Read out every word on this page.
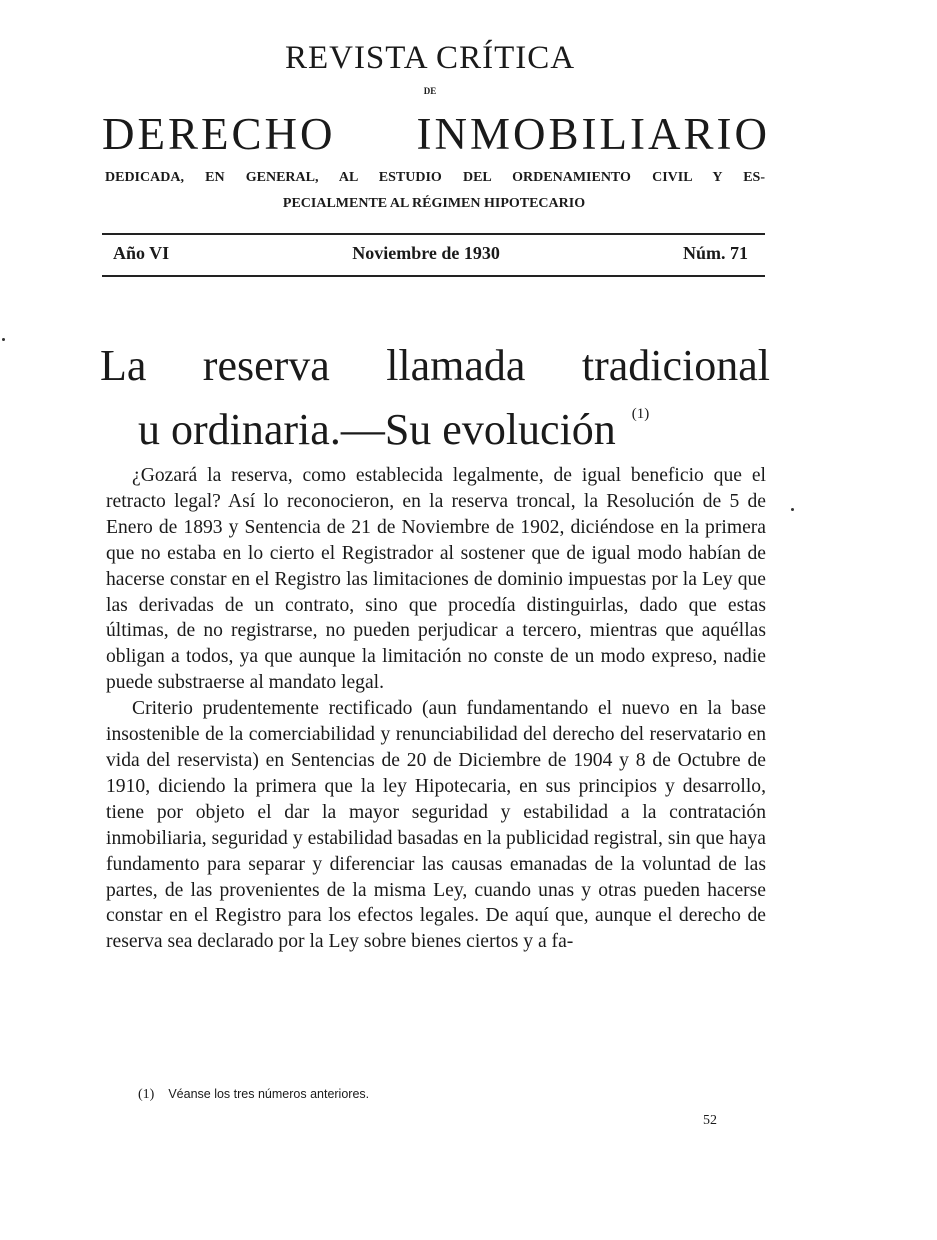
REVISTA CRÍTICA
DE
DERECHO INMOBILIARIO
DEDICADA, EN GENERAL, AL ESTUDIO DEL ORDENAMIENTO CIVIL Y ES-
PECIALMENTE AL RÉGIMEN HIPOTECARIO
Año VI	Noviembre de 1930	Núm. 71
La reserva llamada tradicional
u ordinaria.—Su evolución $^{(1)}$

¿Gozará la reserva, como establecida legalmente, de igual beneficio que el retracto legal? Así lo reconocieron, en la reserva troncal, la Resolución de 5 de Enero de 1893 y Sentencia de 21 de Noviembre de 1902, diciéndose en la primera que no estaba en lo cierto el Registrador al sostener que de igual modo habían de hacerse constar en el Registro las limitaciones de dominio impuestas por la Ley que las derivadas de un contrato, sino que procedía distinguirlas, dado que estas últimas, de no registrarse, no pueden perjudicar a tercero, mientras que aquéllas obligan a todos, ya que aunque la limitación no conste de un modo expreso, nadie puede substraerse al mandato legal.

Criterio prudentemente rectificado (aun fundamentando el nuevo en la base insostenible de la comerciabilidad y renunciabilidad del derecho del reservatario en vida del reservista) en Sentencias de 20 de Diciembre de 1904 y 8 de Octubre de 1910, diciendo la primera que la ley Hipotecaria, en sus principios y desarrollo, tiene por objeto el dar la mayor seguridad y estabilidad a la contratación inmobiliaria, seguridad y estabilidad basadas en la publicidad registral, sin que haya fundamento para separar y diferenciar las causas emanadas de la voluntad de las partes, de las provenientes de la misma Ley, cuando unas y otras pueden hacerse constar en el Registro para los efectos legales. De aquí que, aunque el derecho de reserva sea declarado por la Ley sobre bienes ciertos y a fa-

(1) Véanse los tres números anteriores.
52
